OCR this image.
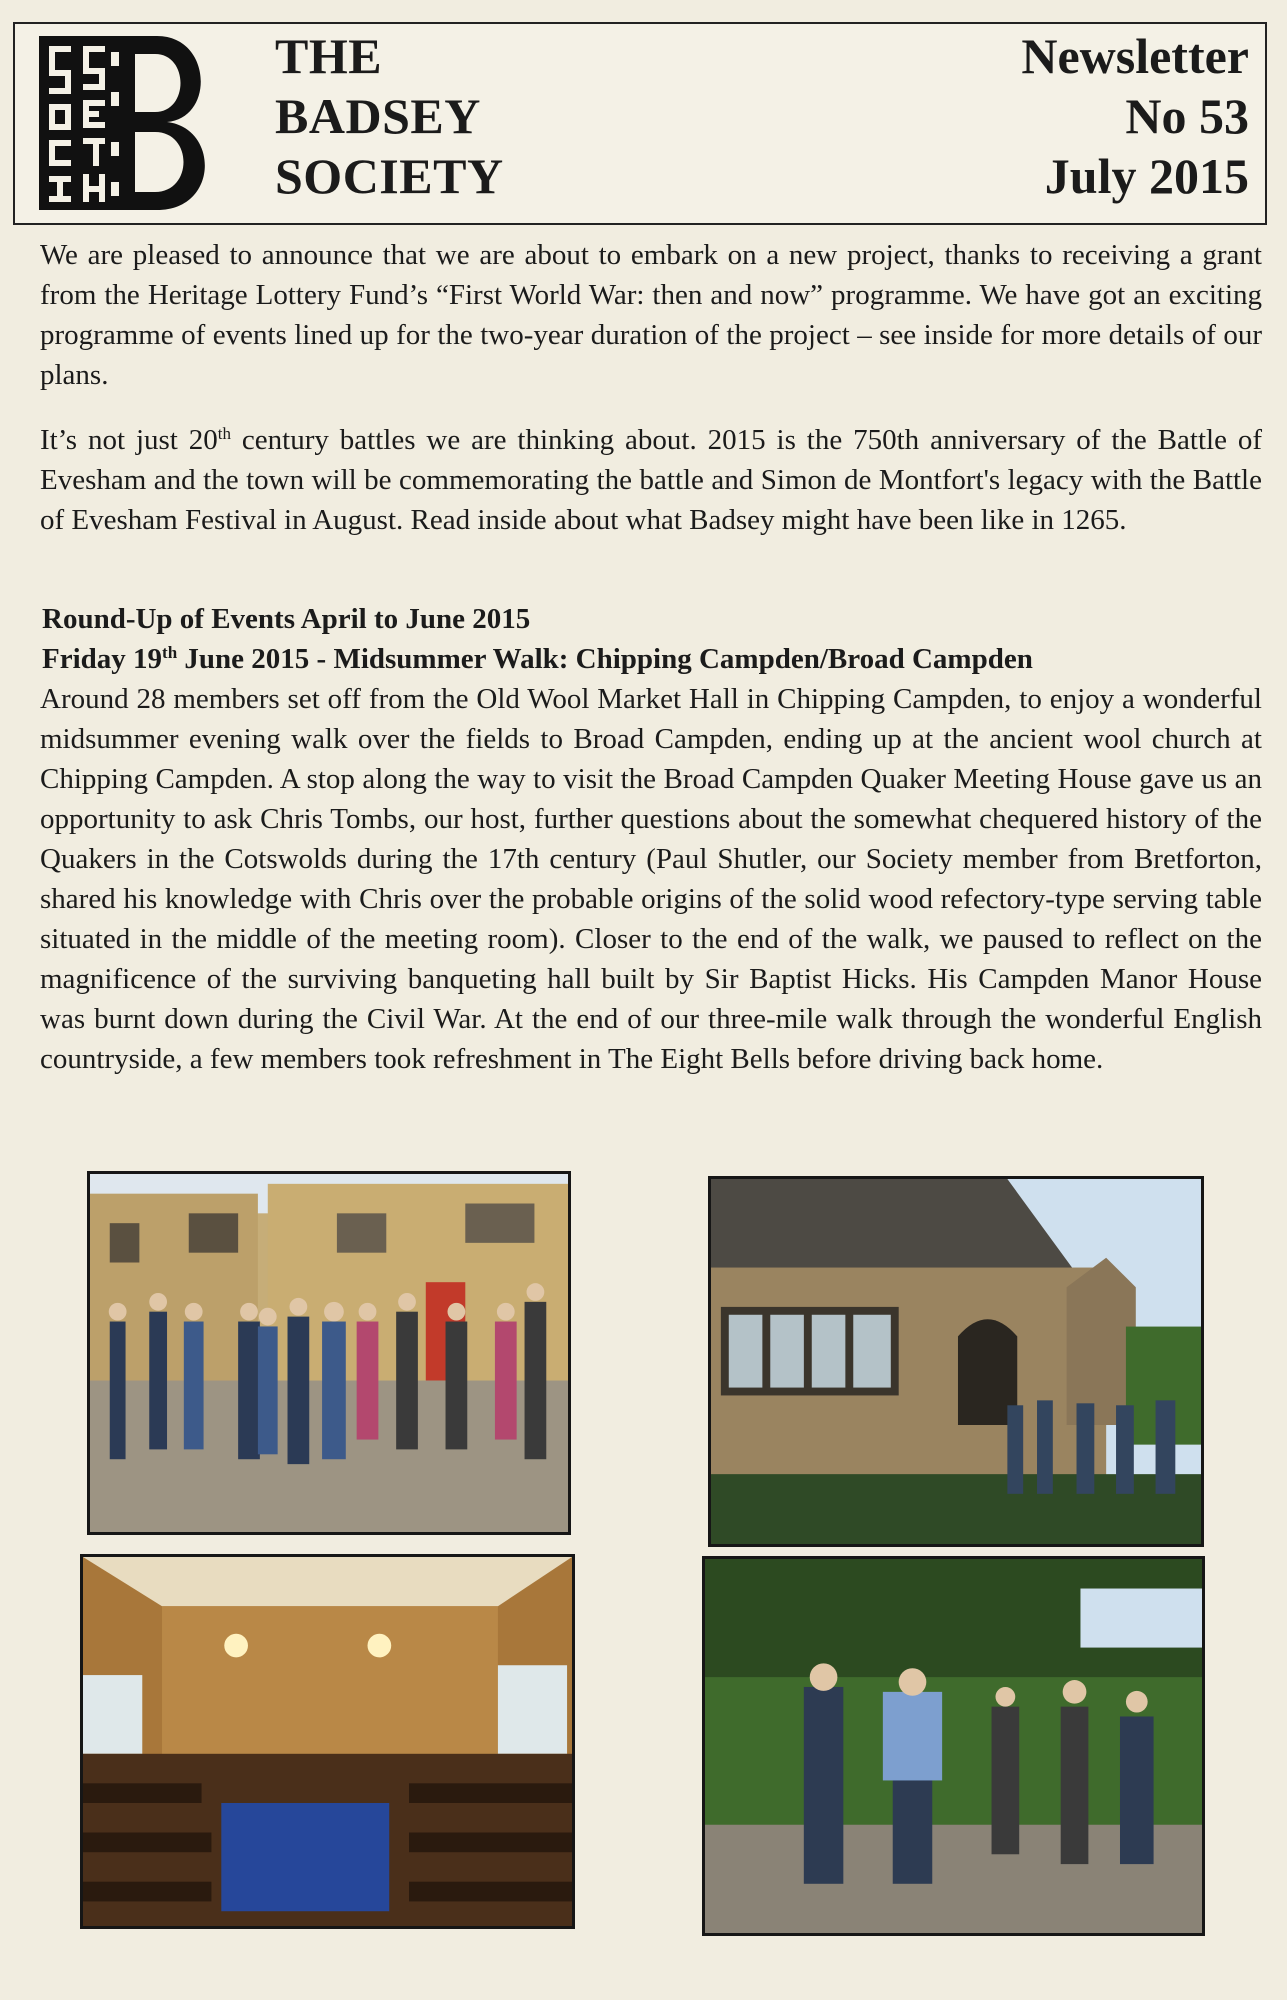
THE
BADSEY
SOCIETY
Newsletter
No 53
July 2015

We are pleased to announce that we are about to embark on a new project, thanks to receiving a grant from the Heritage Lottery Fund’s “First World War: then and now” programme. We have got an exciting programme of events lined up for the two-year duration of the project – see inside for more details of our plans.

It’s not just 20th century battles we are thinking about. 2015 is the 750th anniversary of the Battle of Evesham and the town will be commemorating the battle and Simon de Montfort's legacy with the Battle of Evesham Festival in August. Read inside about what Badsey might have been like in 1265.

Round-Up of Events April to June 2015
Friday 19th June 2015 - Midsummer Walk: Chipping Campden/Broad Campden

Around 28 members set off from the Old Wool Market Hall in Chipping Campden, to enjoy a wonderful midsummer evening walk over the fields to Broad Campden, ending up at the ancient wool church at Chipping Campden. A stop along the way to visit the Broad Campden Quaker Meeting House gave us an opportunity to ask Chris Tombs, our host, further questions about the somewhat chequered history of the Quakers in the Cotswolds during the 17th century (Paul Shutler, our Society member from Bretforton, shared his knowledge with Chris over the probable origins of the solid wood refectory-type serving table situated in the middle of the meeting room). Closer to the end of the walk, we paused to reflect on the magnificence of the surviving banqueting hall built by Sir Baptist Hicks. His Campden Manor House was burnt down during the Civil War. At the end of our three-mile walk through the wonderful English countryside, a few members took refreshment in The Eight Bells before driving back home.
